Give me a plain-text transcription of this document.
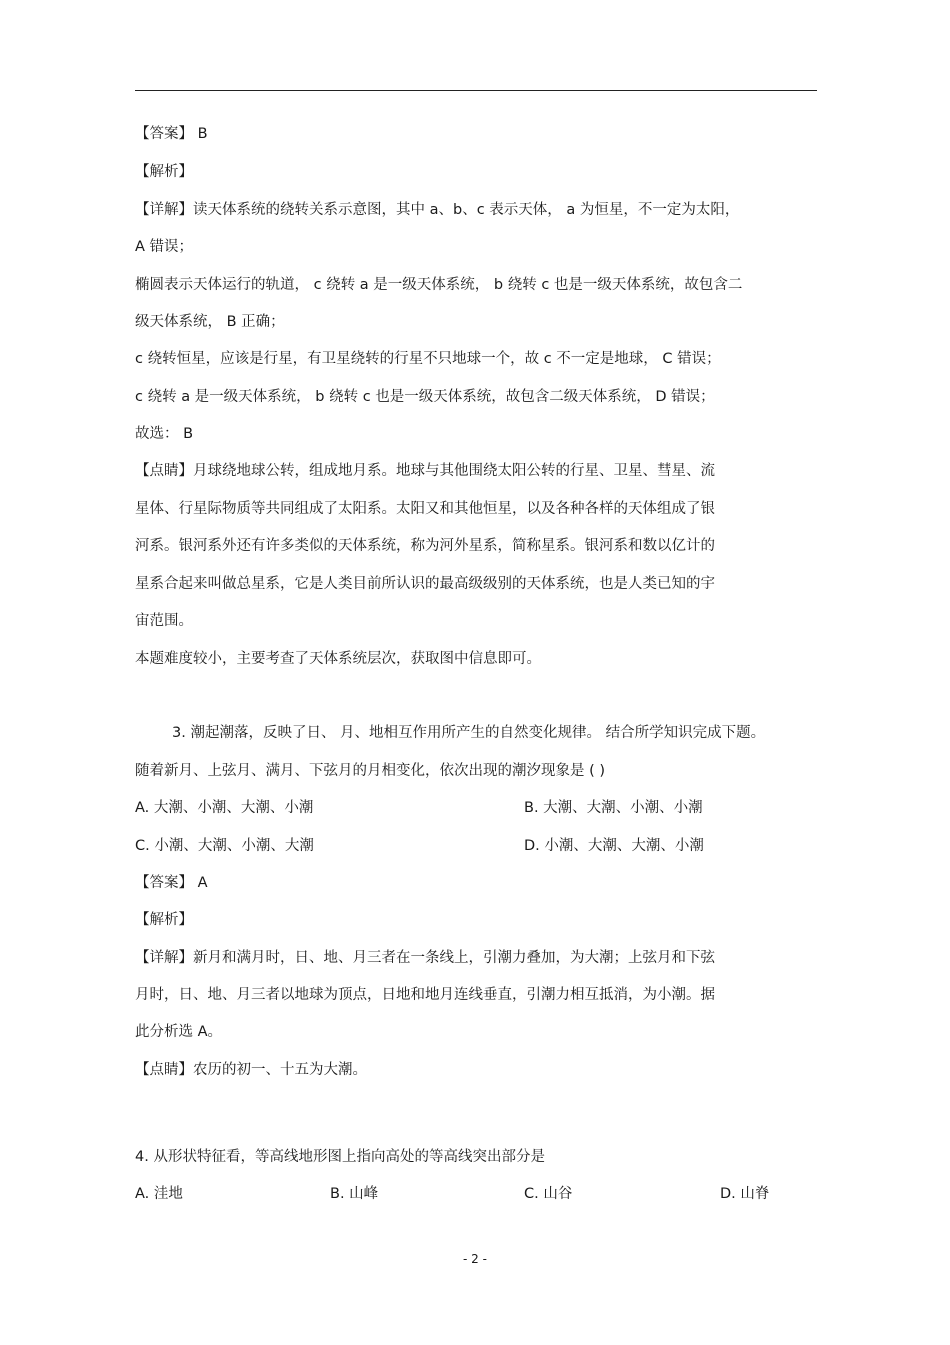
【答案】 B
【解析】
【详解】读天体系统的绕转关系示意图，其中 a、b、c 表示天体， a 为恒星，不一定为太阳，
A 错误；
椭圆表示天体运行的轨道， c 绕转 a 是一级天体系统， b 绕转 c 也是一级天体系统，故包含二
级天体系统， B 正确；
c 绕转恒星，应该是行星，有卫星绕转的行星不只地球一个，故 c 不一定是地球， C 错误；
c 绕转 a 是一级天体系统， b 绕转 c 也是一级天体系统，故包含二级天体系统， D 错误；
故选： B
【点睛】月球绕地球公转，组成地月系。地球与其他围绕太阳公转的行星、卫星、彗星、流
星体、行星际物质等共同组成了太阳系。太阳又和其他恒星，以及各种各样的天体组成了银
河系。银河系外还有许多类似的天体系统，称为河外星系，简称星系。银河系和数以亿计的
星系合起来叫做总星系，它是人类目前所认识的最高级级别的天体系统，也是人类已知的宇
宙范围。
本题难度较小，主要考查了天体系统层次，获取图中信息即可。
3. 潮起潮落，反映了日、 月、地相互作用所产生的自然变化规律。 结合所学知识完成下题。
随着新月、上弦月、满月、下弦月的月相变化，依次出现的潮汐现象是 ( )
A. 大潮、小潮、大潮、小潮	B. 大潮、大潮、小潮、小潮
C. 小潮、大潮、小潮、大潮	D. 小潮、大潮、大潮、小潮
【答案】 A
【解析】
【详解】新月和满月时，日、地、月三者在一条线上，引潮力叠加，为大潮；上弦月和下弦
月时，日、地、月三者以地球为顶点，日地和地月连线垂直，引潮力相互抵消，为小潮。据
此分析选 A。
【点睛】农历的初一、十五为大潮。
4. 从形状特征看，等高线地形图上指向高处的等高线突出部分是
A. 洼地	B. 山峰	C. 山谷	D. 山脊
- 2 -
